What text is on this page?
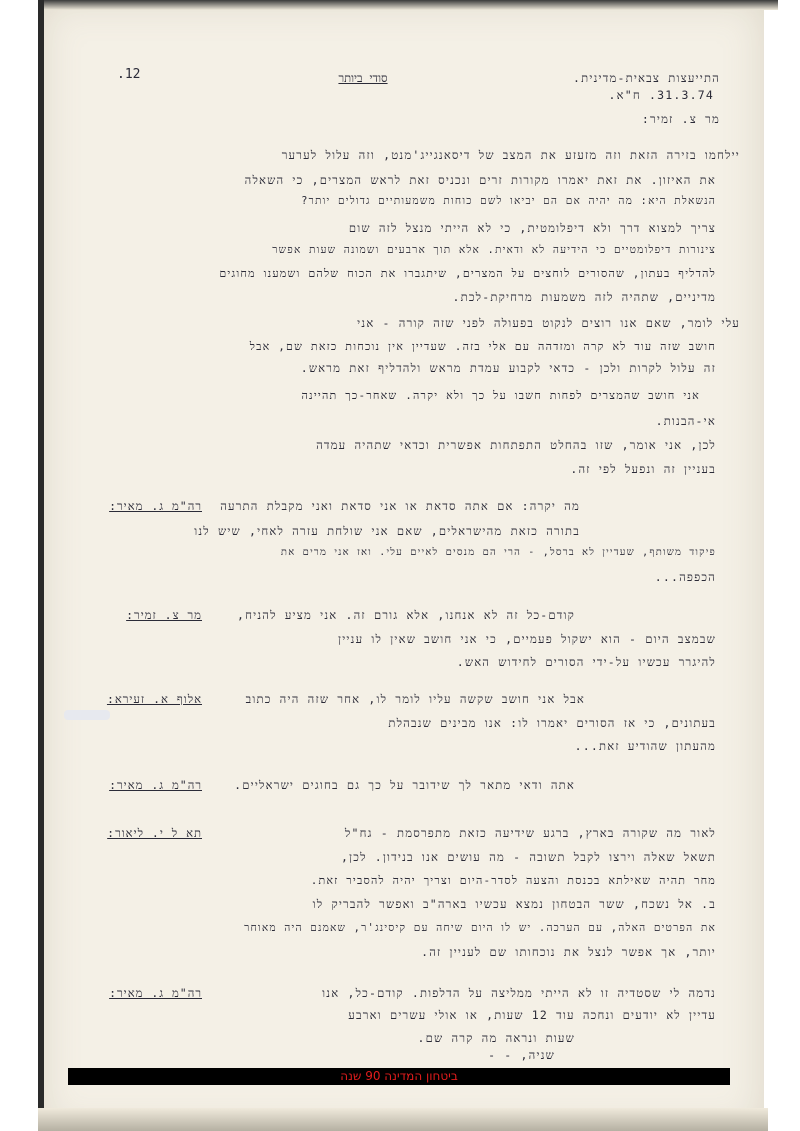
.12	סודי ביותר	התייעצות צבאית-מדינית.
31.3.74. ח"א.
מר צ. זמיר:
יילחמו בזירה הזאת וזה מזעזע את המצב של דיסאנגייג'מנט, וזה עלול לערער
את האיזון. את זאת יאמרו מקורות זרים ונכניס זאת לראש המצרים, כי השאלה
הנשאלת היא: מה יהיה אם הם יביאו לשם כוחות משמעותיים גדולים יותר?
צריך למצוא דרך ולא דיפלומטית, כי לא הייתי מנצל לזה שום
צינורות דיפלומטיים כי הידיעה לא ודאית. אלא תוך ארבעים ושמונה שעות אפשר
להדליף בעתון, שהסורים לוחצים על המצרים, שיתגברו את הכוח שלהם ושמענו מחוגים
מדיניים, שתהיה לזה משמעות מרחיקת-לכת.
עלי לומר, שאם אנו רוצים לנקוט בפעולה לפני שזה קורה - אני
חושב שזה עוד לא קרה ומזדהה עם אלי בזה. שעדיין אין נוכחות כזאת שם, אבל
זה עלול לקרות ולכן - כדאי לקבוע עמדת מראש ולהדליף זאת מראש.
אני חושב שהמצרים לפחות חשבו על כך ולא יקרה. שאחר-כך תהיינה
אי-הבנות.
לכן, אני אומר, שזו בהחלט התפתחות אפשרית וכדאי שתהיה עמדה
בעניין זה ונפעל לפי זה.
רה"מ ג. מאיר: מה יקרה: אם אתה סדאת או אני סדאת ואני מקבלת התרעה
בתורה כזאת מהישראלים, שאם אני שולחת עזרה לאחי, שיש לנו
פיקוד משותף, שעדיין לא ברסל, - הרי הם מנסים לאיים עלי. ואז אני מרים את
הכפפה...
מר צ. זמיר:	קודם-כל זה לא אנחנו, אלא גורם זה. אני מציע להניח,
שבמצב היום - הוא ישקול פעמיים, כי אני חושב שאין לו עניין
להיגרר עכשיו על-ידי הסורים לחידוש האש.
אלוף א. זעירא:	אבל אני חושב שקשה עליו לומר לו, אחר שזה היה כתוב
בעתונים, כי אז הסורים יאמרו לו: אנו מבינים שנבהלת
מהעתון שהודיע זאת...
רה"מ ג. מאיר:	אתה ודאי מתאר לך שידובר על כך גם בחוגים ישראליים.
תא ל י. ליאור:	לאור מה שקורה בארץ, ברגע שידיעה כזאת מתפרסמת - גח"ל
תשאל שאלה וירצו לקבל תשובה - מה עושים אנו בנידון. לכן,
מחר תהיה שאילתא בכנסת והצעה לסדר-היום וצריך יהיה להסביר זאת.
ב. אל נשכח, ששר הבטחון נמצא עכשיו בארה"ב ואפשר להבריק לו
את הפרטים האלה, עם הערכה. יש לו היום שיחה עם קיסינג'ר, שאמנם היה מאוחר
יותר, אך אפשר לנצל את נוכחותו שם לעניין זה.
רה"מ ג. מאיר:	נדמה לי שסטדיה זו לא הייתי ממליצה על הדלפות. קודם-כל, אנו
עדיין לא יודעים ונחכה עוד 12 שעות, או אולי עשרים וארבע
שעות ונראה מה קרה שם.
שניה, - -
ביטחון המדינה 90 שנה
